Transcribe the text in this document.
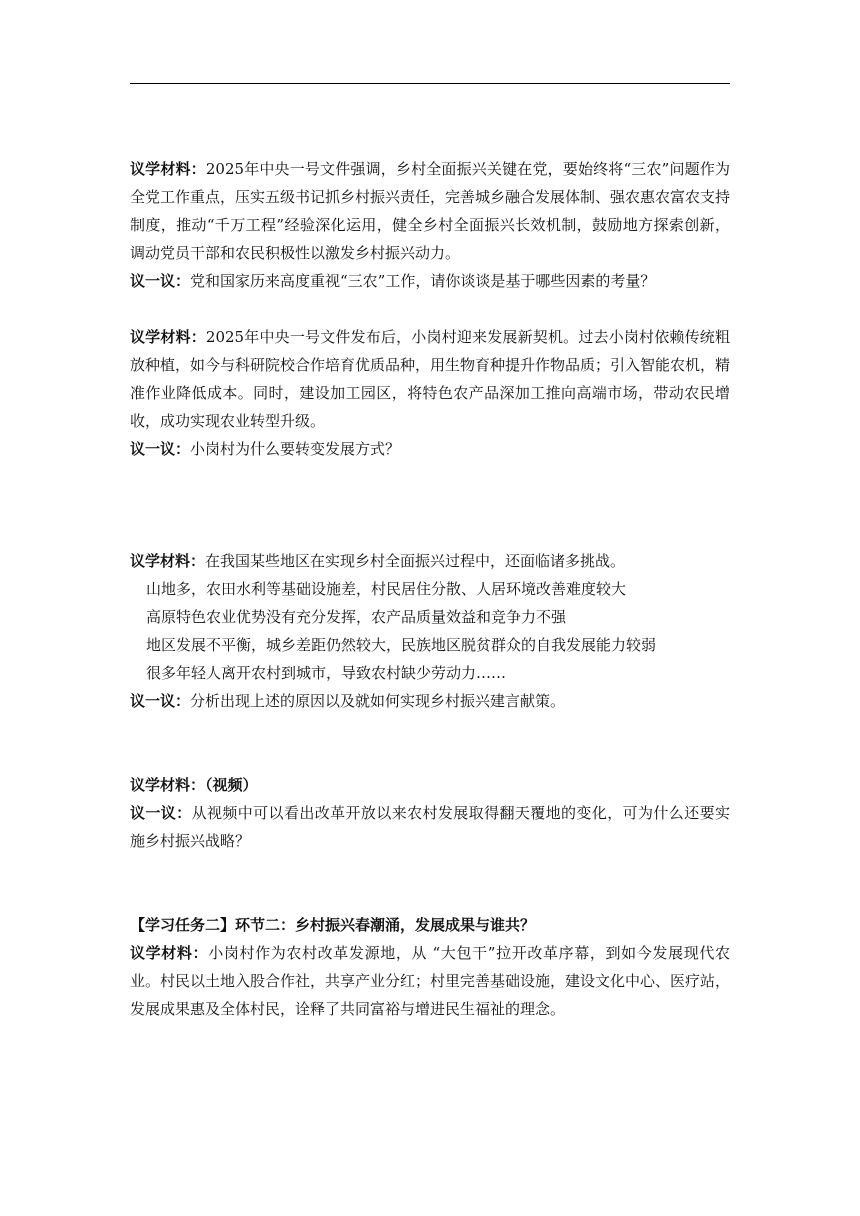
议学材料：2025年中央一号文件强调，乡村全面振兴关键在党，要始终将“三农”问题作为全党工作重点，压实五级书记抓乡村振兴责任，完善城乡融合发展体制、强农惠农富农支持制度，推动“千万工程”经验深化运用，健全乡村全面振兴长效机制，鼓励地方探索创新，调动党员干部和农民积极性以激发乡村振兴动力。

议一议：党和国家历来高度重视“三农”工作，请你谈谈是基于哪些因素的考量？

议学材料：2025年中央一号文件发布后，小岗村迎来发展新契机。过去小岗村依赖传统粗放种植，如今与科研院校合作培育优质品种，用生物育种提升作物品质；引入智能农机，精准作业降低成本。同时，建设加工园区，将特色农产品深加工推向高端市场，带动农民增收，成功实现农业转型升级。

议一议：小岗村为什么要转变发展方式？

议学材料：在我国某些地区在实现乡村全面振兴过程中，还面临诸多挑战。

山地多，农田水利等基础设施差，村民居住分散、人居环境改善难度较大

高原特色农业优势没有充分发挥，农产品质量效益和竞争力不强

地区发展不平衡，城乡差距仍然较大，民族地区脱贫群众的自我发展能力较弱

很多年轻人离开农村到城市，导致农村缺少劳动力……

议一议：分析出现上述的原因以及就如何实现乡村振兴建言献策。

议学材料：（视频）

议一议：从视频中可以看出改革开放以来农村发展取得翻天覆地的变化，可为什么还要实施乡村振兴战略？

【学习任务二】环节二：乡村振兴春潮涌，发展成果与谁共？

议学材料：小岗村作为农村改革发源地，从 “大包干”拉开改革序幕，到如今发展现代农业。村民以土地入股合作社，共享产业分红；村里完善基础设施，建设文化中心、医疗站，发展成果惠及全体村民，诠释了共同富裕与增进民生福祉的理念。
